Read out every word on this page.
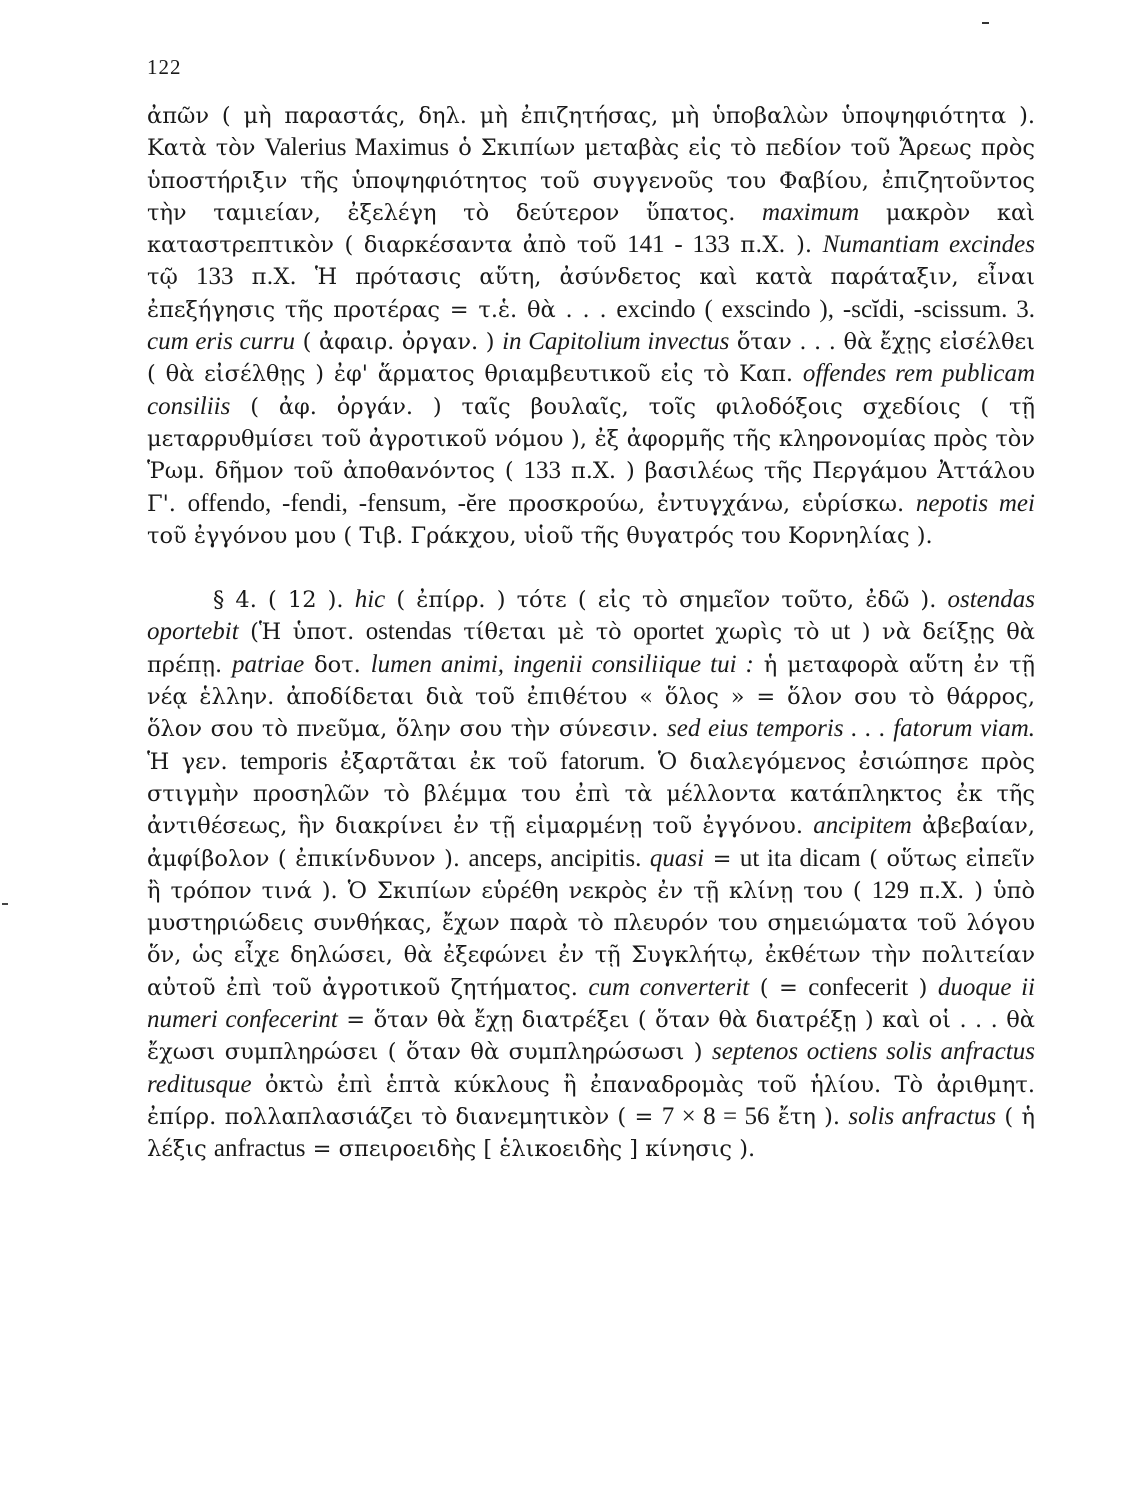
122

ἀπῶν ( μὴ παραστάς, δηλ. μὴ ἐπιζητήσας, μὴ ὑποβαλὼν ὑποψηφιότητα ). Κατὰ τὸν Valerius Maximus ὁ Σκιπίων μεταβὰς εἰς τὸ πεδίον τοῦ Ἄρεως πρὸς ὑποστήριξιν τῆς ὑποψηφιότητος τοῦ συγγενοῦς του Φαβίου, ἐπιζητοῦντος τὴν ταμιείαν, ἐξελέγη τὸ δεύτερον ὕπατος. maximum μακρὸν καὶ καταστρεπτικὸν ( διαρκέσαντα ἀπὸ τοῦ 141 - 133 π.Χ. ). Numantiam excindes τῷ 133 π.Χ. Ἡ πρότασις αὕτη, ἀσύνδετος καὶ κατὰ παράταξιν, εἶναι ἐπεξήγησις τῆς προτέρας = τ.ἑ. θὰ . . . excindo ( exscindo ), -scĭdi, -scissum. 3. cum eris curru ( ἀφαιρ. ὀργαν. ) in Capitolium invectus ὅταν . . . θὰ ἔχῃς εἰσέλθει ( θὰ εἰσέλθῃς ) ἐφ' ἅρματος θριαμβευτικοῦ εἰς τὸ Καπ. offendes rem publicam consiliis ( ἀφ. ὀργάν. ) ταῖς βουλαῖς, τοῖς φιλοδόξοις σχεδίοις ( τῇ μεταρρυθμίσει τοῦ ἀγροτικοῦ νόμου ), ἐξ ἀφορμῆς τῆς κληρονομίας πρὸς τὸν Ῥωμ. δῆμον τοῦ ἀποθανόντος ( 133 π.Χ. ) βασιλέως τῆς Περγάμου Ἀττάλου Γ'. offendo, -fendi, -fensum, -ĕre προσκρούω, ἐντυγχάνω, εὑρίσκω. nepotis mei τοῦ ἐγγόνου μου ( Τιβ. Γράκχου, υἱοῦ τῆς θυγατρός του Κορνηλίας ).

§ 4. ( 12 ). hic ( ἐπίρρ. ) τότε ( εἰς τὸ σημεῖον τοῦτο, ἐδῶ ). ostendas oportebit (Ἡ ὑποτ. ostendas τίθεται μὲ τὸ oportet χωρὶς τὸ ut ) νὰ δείξῃς θὰ πρέπῃ. patriae δοτ. lumen animi, ingenii consiliique tui : ἡ μεταφορὰ αὕτη ἐν τῇ νέᾳ ἑλλην. ἀποδίδεται διὰ τοῦ ἐπιθέτου « ὅλος » = ὅλον σου τὸ θάρρος, ὅλον σου τὸ πνεῦμα, ὅλην σου τὴν σύνεσιν. sed eius temporis . . . fatorum viam. Ἡ γεν. temporis ἐξαρτᾶται ἐκ τοῦ fatorum. Ὁ διαλεγόμενος ἐσιώπησε πρὸς στιγμὴν προσηλῶν τὸ βλέμμα του ἐπὶ τὰ μέλλοντα κατάπληκτος ἐκ τῆς ἀντιθέσεως, ἣν διακρίνει ἐν τῇ εἱμαρμένῃ τοῦ ἐγγόνου. ancipitem ἀβεβαίαν, ἀμφίβολον ( ἐπικίνδυνον ). anceps, ancipitis. quasi = ut ita dicam ( οὕτως εἰπεῖν ἢ τρόπον τινά ). Ὁ Σκιπίων εὑρέθη νεκρὸς ἐν τῇ κλίνῃ του ( 129 π.Χ. ) ὑπὸ μυστηριώδεις συνθήκας, ἔχων παρὰ τὸ πλευρόν του σημειώματα τοῦ λόγου ὅν, ὡς εἶχε δηλώσει, θὰ ἐξεφώνει ἐν τῇ Συγκλήτῳ, ἐκθέτων τὴν πολιτείαν αὐτοῦ ἐπὶ τοῦ ἀγροτικοῦ ζητήματος. cum converterit ( = confecerit ) duoque ii numeri confecerint = ὅταν θὰ ἔχῃ διατρέξει ( ὅταν θὰ διατρέξῃ ) καὶ οἱ . . . θὰ ἔχωσι συμπληρώσει ( ὅταν θὰ συμπληρώσωσι ) septenos octiens solis anfractus reditusque ὀκτὼ ἐπὶ ἑπτὰ κύκλους ἢ ἐπαναδρομὰς τοῦ ἡλίου. Τὸ ἀριθμητ. ἐπίρρ. πολλαπλασιάζει τὸ διανεμητικὸν ( = 7 × 8 = 56 ἔτη ). solis anfractus ( ἡ λέξις anfractus = σπειροειδὴς [ ἑλικοειδὴς ] κίνησις ).
